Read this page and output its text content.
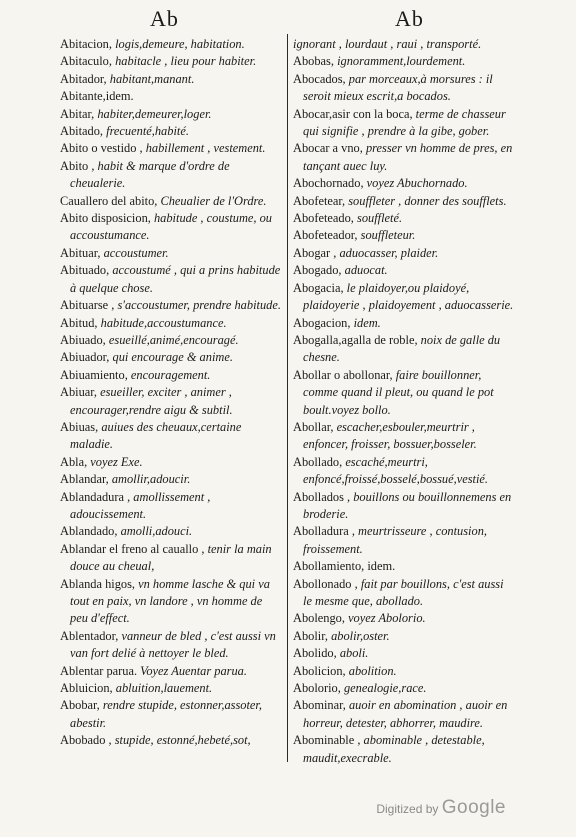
Ab	Ab

Abitacion, logis,demeure, habitation.

Abitaculo, habitacle , lieu pour habiter.

Abitador, habitant,manant.

Abitante,idem.

Abitar, habiter,demeurer,loger.

Abitado, frecuenté,habité.

Abito o vestido , habillement , vestement.

Abito , habit & marque d'ordre de cheualerie.

Cauallero del abito, Cheualier de l'Ordre.

Abito disposicion, habitude , coustume, ou accoustumance.

Abituar, accoustumer.

Abituado, accoustumé , qui a prins habitude à quelque chose.

Abituarse , s'accoustumer, prendre habitude.

Abitud, habitude,accoustumance.

Abiuado, esueillé,animé,encouragé.

Abiuador, qui encourage & anime.

Abiuamiento, encouragement.

Abiuar, esueiller, exciter , animer , encourager,rendre aigu & subtil.

Abiuas, auiues des cheuaux,certaine maladie.

Abla, voyez Exe.

Ablandar, amollir,adoucir.

Ablandadura , amollissement , adoucissement.

Ablandado, amolli,adouci.

Ablandar el freno al cauallo , tenir la main douce au cheual,

Ablanda higos, vn homme lasche & qui va tout en paix, vn landore , vn homme de peu d'effect.

Ablentador, vanneur de bled , c'est aussi vn van fort delié à nettoyer le bled.

Ablentar parua. Voyez Auentar parua.

Abluicion, abluition,lauement.

Abobar, rendre stupide, estonner,assoter, abestir.

Abobado , stupide, estonné,hebeté,sot,

ignorant , lourdaut , raui , transporté.

Abobas, ignoramment,lourdement.

Abocados, par morceaux,à morsures : il seroit mieux escrit,a bocados.

Abocar,asir con la boca, terme de chasseur qui signifie , prendre à la gibe, gober.

Abocar a vno, presser vn homme de pres, en tançant auec luy.

Abochornado, voyez Abuchornado.

Abofetear, souffleter , donner des soufflets.

Abofeteado, souffleté.

Abofeteador, souffleteur.

Abogar , aduocasser, plaider.

Abogado, aduocat.

Abogacia, le plaidoyer,ou plaidoyé, plaidoyerie , plaidoyement , aduocasserie.

Abogacion, idem.

Abogalla,agalla de roble, noix de galle du chesne.

Abollar o abollonar, faire bouillonner, comme quand il pleut, ou quand le pot boult.voyez bollo.

Abollar, escacher,esbouler,meurtrir , enfoncer, froisser, bossuer,bosseler.

Abollado, escaché,meurtri, enfoncé,froissé,bosselé,bossué,vestié.

Abollados , bouillons ou bouillonnemens en broderie.

Abolladura , meurtrisseure , contusion, froissement.

Abollamiento, idem.

Abollonado , fait par bouillons, c'est aussi le mesme que, abollado.

Abolengo, voyez Abolorio.

Abolir, abolir,oster.

Abolido, aboli.

Abolicion, abolition.

Abolorio, genealogie,race.

Abominar, auoir en abomination , auoir en horreur, detester, abhorrer, maudire.

Abominable , abominable , detestable, maudit,execrable.

Digitized by Google
